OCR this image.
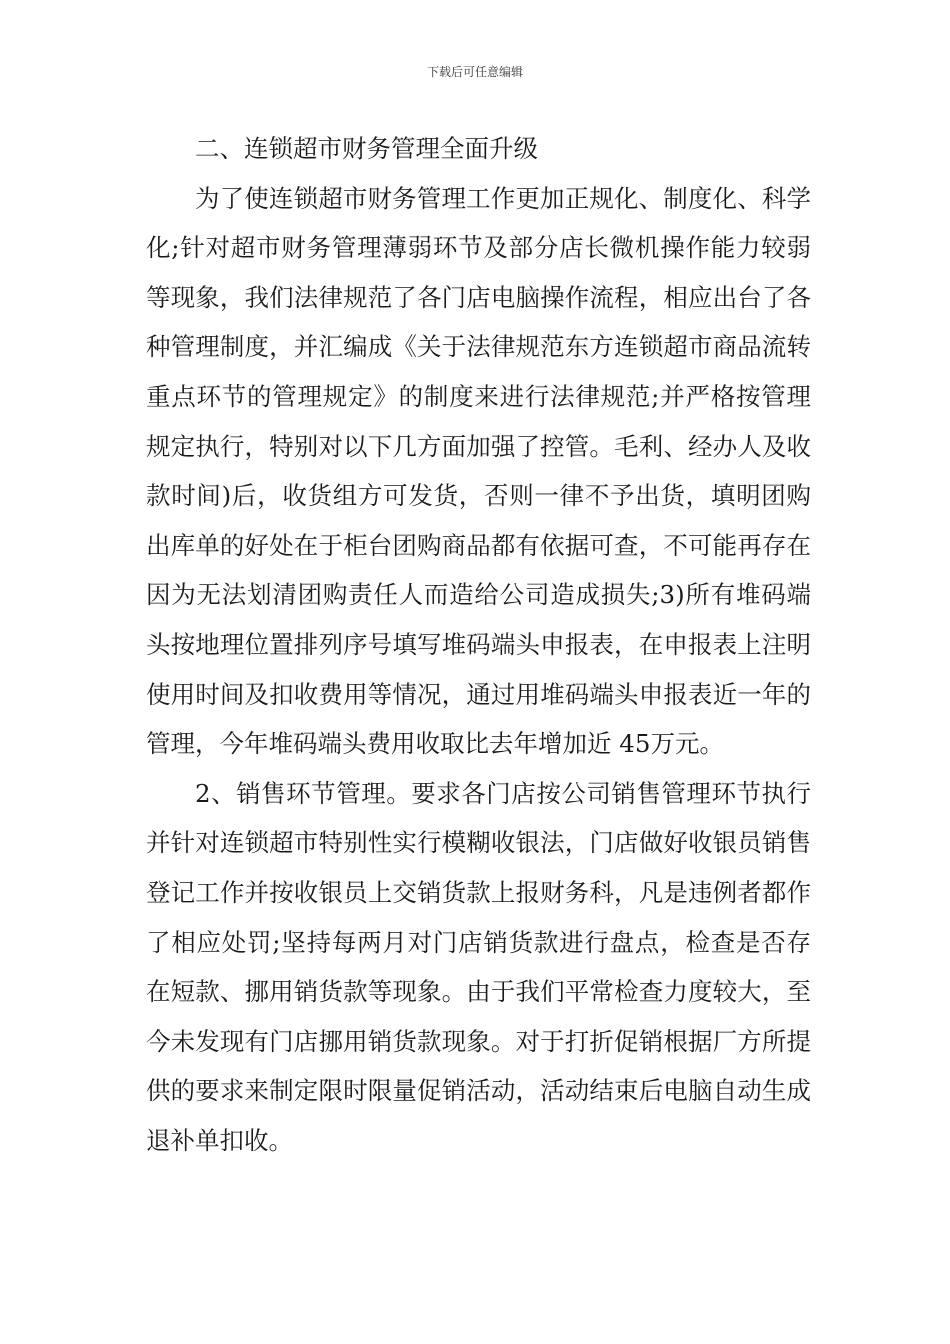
下载后可任意编辑

二、连锁超市财务管理全面升级

为了使连锁超市财务管理工作更加正规化、制度化、科学化;针对超市财务管理薄弱环节及部分店长微机操作能力较弱等现象，我们法律规范了各门店电脑操作流程，相应出台了各种管理制度，并汇编成《关于法律规范东方连锁超市商品流转重点环节的管理规定》的制度来进行法律规范;并严格按管理规定执行，特别对以下几方面加强了控管。毛利、经办人及收款时间)后，收货组方可发货，否则一律不予出货，填明团购出库单的好处在于柜台团购商品都有依据可查，不可能再存在因为无法划清团购责任人而造给公司造成损失;3)所有堆码端头按地理位置排列序号填写堆码端头申报表，在申报表上注明使用时间及扣收费用等情况，通过用堆码端头申报表近一年的管理，今年堆码端头费用收取比去年增加近 45万元。

2、销售环节管理。要求各门店按公司销售管理环节执行并针对连锁超市特别性实行模糊收银法，门店做好收银员销售登记工作并按收银员上交销货款上报财务科，凡是违例者都作了相应处罚;坚持每两月对门店销货款进行盘点，检查是否存在短款、挪用销货款等现象。由于我们平常检查力度较大，至今未发现有门店挪用销货款现象。对于打折促销根据厂方所提供的要求来制定限时限量促销活动，活动结束后电脑自动生成退补单扣收。
